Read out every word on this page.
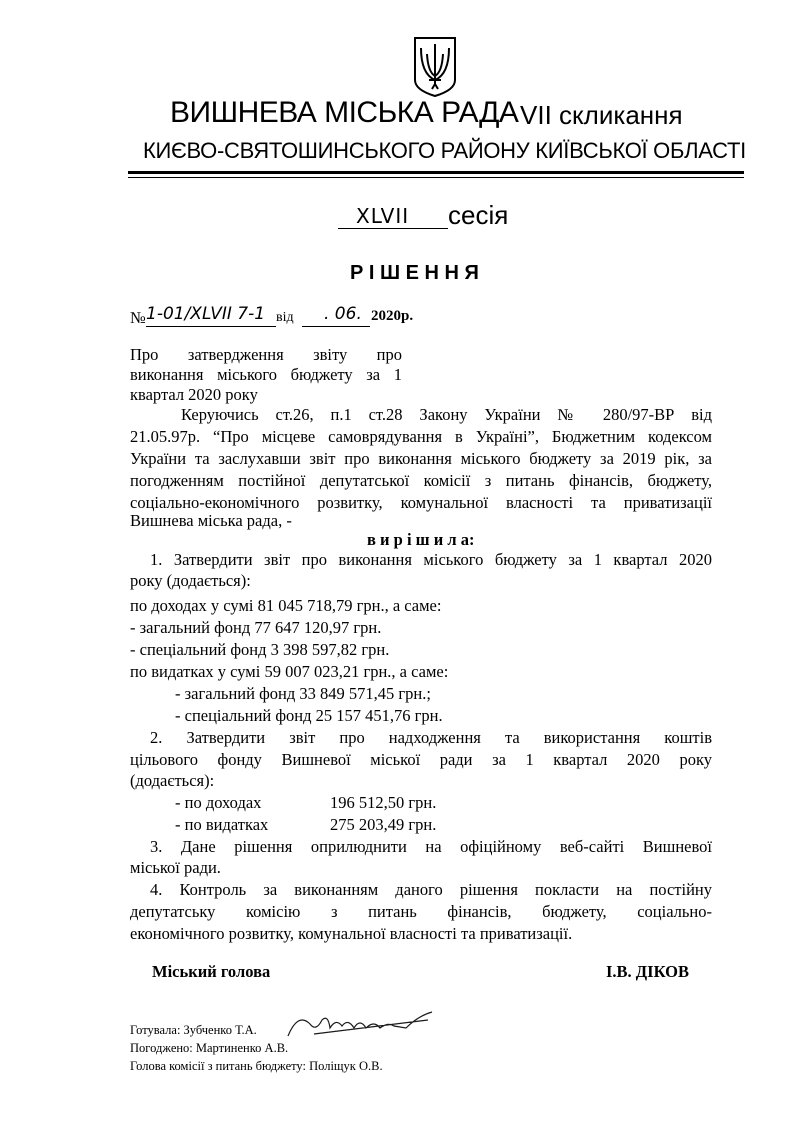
ВИШНЕВА МІСЬКА РАДА VII скликання
КИЄВО-СВЯТОШИНСЬКОГО РАЙОНУ КИЇВСЬКОЇ ОБЛАСТІ
XLVII сесія
Р І Ш Е Н Н Я
№ 1-01/XLVII 7-1 від . 06. 2020р.
Про затвердження звіту про
виконання міського бюджету за 1
квартал 2020 року
Керуючись ст.26, п.1 ст.28 Закону України № 280/97-ВР від
21.05.97р. “Про місцеве самоврядування в Україні”, Бюджетним кодексом
України та заслухавши звіт про виконання міського бюджету за 2019 рік, за
погодженням постійної депутатської комісії з питань фінансів, бюджету,
соціально-економічного розвитку, комунальної власності та приватизації
Вишнева міська рада, -
в и р і ш и л а:
1. Затвердити звіт про виконання міського бюджету за 1 квартал 2020
року (додається):
по доходах у сумі 81 045 718,79 грн., а саме:
- загальний фонд 77 647 120,97 грн.
- спеціальний фонд 3 398 597,82 грн.
по видатках у сумі 59 007 023,21 грн., а саме:
- загальний фонд 33 849 571,45 грн.;
- спеціальний фонд 25 157 451,76 грн.
2. Затвердити звіт про надходження та використання коштів
цільового фонду Вишневої міської ради за 1 квартал 2020 року
(додається):
- по доходах	196 512,50 грн.
- по видатках	275 203,49 грн.
3. Дане рішення оприлюднити на офіційному веб-сайті Вишневої
міської ради.
4. Контроль за виконанням даного рішення покласти на постійну
депутатську комісію з питань фінансів, бюджету, соціально-
економічного розвитку, комунальної власності та приватизації.
Міський голова	І.В. ДІКОВ
Готувала: Зубченко Т.А.
Погоджено: Мартиненко А.В.
Голова комісії з питань бюджету: Поліщук О.В.
